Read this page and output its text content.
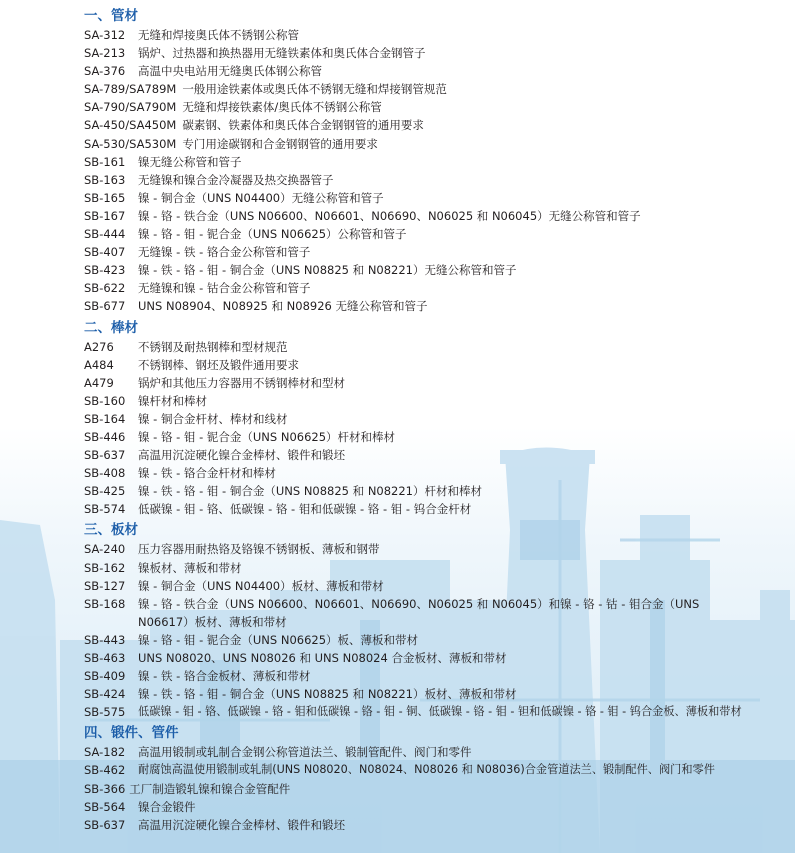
一、管材
SA-312	无缝和焊接奥氏体不锈钢公称管
SA-213	锅炉、过热器和换热器用无缝铁素体和奥氏体合金钢管子
SA-376	高温中央电站用无缝奥氏体钢公称管
SA-789/SA789M 一般用途铁素体或奥氏体不锈钢无缝和焊接钢管规范
SA-790/SA790M 无缝和焊接铁素体/奥氏体不锈钢公称管
SA-450/SA450M 碳素钢、铁素体和奥氏体合金钢钢管的通用要求
SA-530/SA530M 专门用途碳钢和合金钢钢管的通用要求
SB-161	镍无缝公称管和管子
SB-163	无缝镍和镍合金冷凝器及热交换器管子
SB-165	镍 - 铜合金（UNS N04400）无缝公称管和管子
SB-167	镍 - 铬 - 铁合金（UNS N06600、N06601、N06690、N06025 和 N06045）无缝公称管和管子
SB-444	镍 - 铬 - 钼 - 铌合金（UNS N06625）公称管和管子
SB-407	无缝镍 - 铁 - 铬合金公称管和管子
SB-423	镍 - 铁 - 铬 - 钼 - 铜合金（UNS N08825 和 N08221）无缝公称管和管子
SB-622	无缝镍和镍 - 钴合金公称管和管子
SB-677	UNS N08904、N08925 和 N08926 无缝公称管和管子
二、棒材
A276	不锈钢及耐热钢棒和型材规范
A484	不锈钢棒、钢坯及锻件通用要求
A479	锅炉和其他压力容器用不锈钢棒材和型材
SB-160	镍杆材和棒材
SB-164	镍 - 铜合金杆材、棒材和线材
SB-446	镍 - 铬 - 钼 - 铌合金（UNS N06625）杆材和棒材
SB-637	高温用沉淀硬化镍合金棒材、锻件和锻坯
SB-408	镍 - 铁 - 铬合金杆材和棒材
SB-425	镍 - 铁 - 铬 - 钼 - 铜合金（UNS N08825 和 N08221）杆材和棒材
SB-574	低碳镍 - 钼 - 铬、低碳镍 - 铬 - 钼和低碳镍 - 铬 - 钼 - 钨合金杆材
三、板材
SA-240	压力容器用耐热铬及铬镍不锈钢板、薄板和钢带
SB-162	镍板材、薄板和带材
SB-127	镍 - 铜合金（UNS N04400）板材、薄板和带材
SB-168	镍 - 铬 - 铁合金（UNS N06600、N06601、N06690、N06025 和 N06045）和镍 - 铬 - 钴 - 钼合金（UNS N06617）板材、薄板和带材
SB-443	镍 - 铬 - 钼 - 铌合金（UNS N06625）板、薄板和带材
SB-463	UNS N08020、UNS N08026 和 UNS N08024 合金板材、薄板和带材
SB-409	镍 - 铁 - 铬合金板材、薄板和带材
SB-424	镍 - 铁 - 铬 - 钼 - 铜合金（UNS N08825 和 N08221）板材、薄板和带材
SB-575	低碳镍 - 钼 - 铬、低碳镍 - 铬 - 钼和低碳镍 - 铬 - 钼 - 铜、低碳镍 - 铬 - 钼 - 钽和低碳镍 - 铬 - 钼 - 钨合金板、薄板和带材
四、锻件、管件
SA-182	高温用锻制或轧制合金钢公称管道法兰、锻制管配件、阀门和零件
SB-462	耐腐蚀高温使用锻制或轧制(UNS N08020、N08024、N08026 和 N08036)合金管道法兰、锻制配件、阀门和零件
SB-366 工厂制造锻轧镍和镍合金管配件
SB-564	镍合金锻件
SB-637	高温用沉淀硬化镍合金棒材、锻件和锻坯
